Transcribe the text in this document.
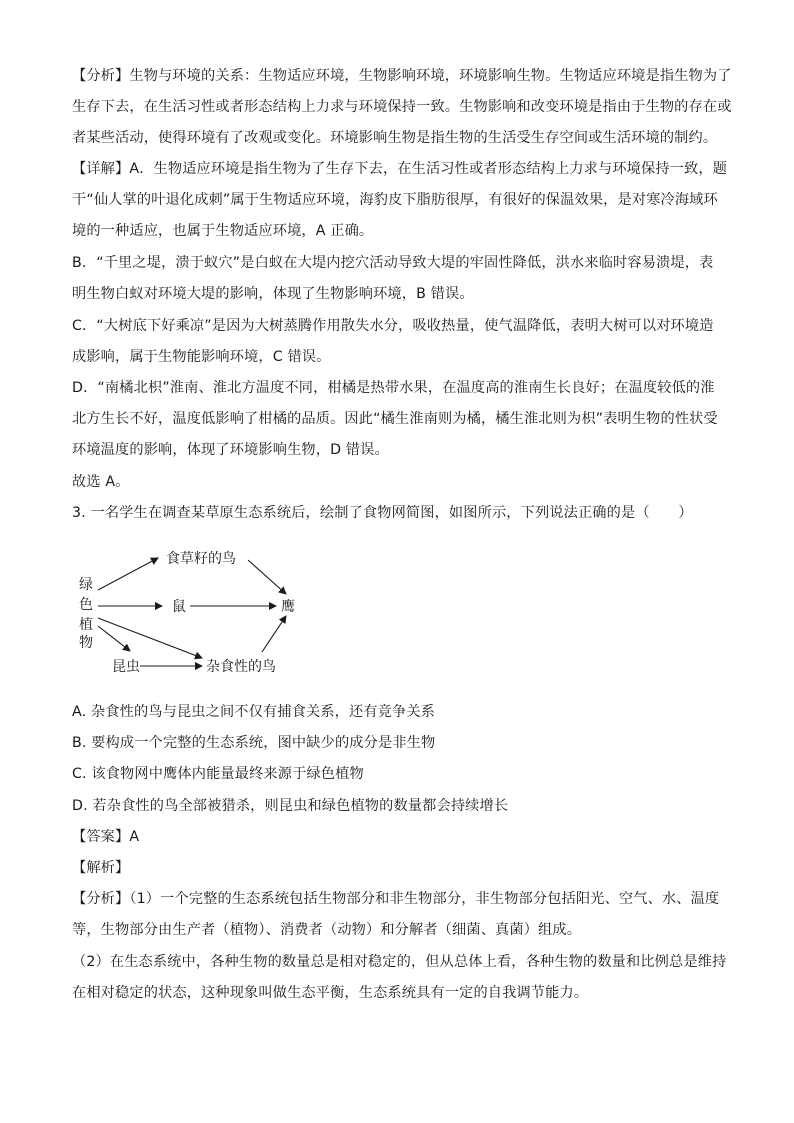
【分析】生物与环境的关系：生物适应环境，生物影响环境，环境影响生物。生物适应环境是指生物为了
生存下去，在生活习性或者形态结构上力求与环境保持一致。生物影响和改变环境是指由于生物的存在或
者某些活动，使得环境有了改观或变化。环境影响生物是指生物的生活受生存空间或生活环境的制约。
【详解】A．生物适应环境是指生物为了生存下去，在生活习性或者形态结构上力求与环境保持一致，题
干“仙人掌的叶退化成刺”属于生物适应环境，海豹皮下脂肪很厚，有很好的保温效果，是对寒冷海域环
境的一种适应，也属于生物适应环境，A 正确。
B．“千里之堤，溃于蚁穴”是白蚁在大堤内挖穴活动导致大堤的牢固性降低，洪水来临时容易溃堤，表
明生物白蚁对环境大堤的影响，体现了生物影响环境，B 错误。
C．“大树底下好乘凉”是因为大树蒸腾作用散失水分，吸收热量，使气温降低，表明大树可以对环境造
成影响，属于生物能影响环境，C 错误。
D．“南橘北枳”淮南、淮北方温度不同，柑橘是热带水果，在温度高的淮南生长良好；在温度较低的淮
北方生长不好，温度低影响了柑橘的品质。因此“橘生淮南则为橘，橘生淮北则为枳”表明生物的性状受
环境温度的影响，体现了环境影响生物，D 错误。
故选 A。
3. 一名学生在调查某草原生态系统后，绘制了食物网简图，如图所示，下列说法正确的是（　　）
绿
色
植
物
食草籽的鸟
鼠	鹰
昆虫	杂食性的鸟
A. 杂食性的鸟与昆虫之间不仅有捕食关系，还有竞争关系
B. 要构成一个完整的生态系统，图中缺少的成分是非生物
C. 该食物网中鹰体内能量最终来源于绿色植物
D. 若杂食性的鸟全部被猎杀，则昆虫和绿色植物的数量都会持续增长
【答案】A
【解析】
【分析】（1）一个完整的生态系统包括生物部分和非生物部分，非生物部分包括阳光、空气、水、温度
等，生物部分由生产者（植物）、消费者（动物）和分解者（细菌、真菌）组成。
（2）在生态系统中，各种生物的数量总是相对稳定的，但从总体上看，各种生物的数量和比例总是维持
在相对稳定的状态，这种现象叫做生态平衡，生态系统具有一定的自我调节能力。
